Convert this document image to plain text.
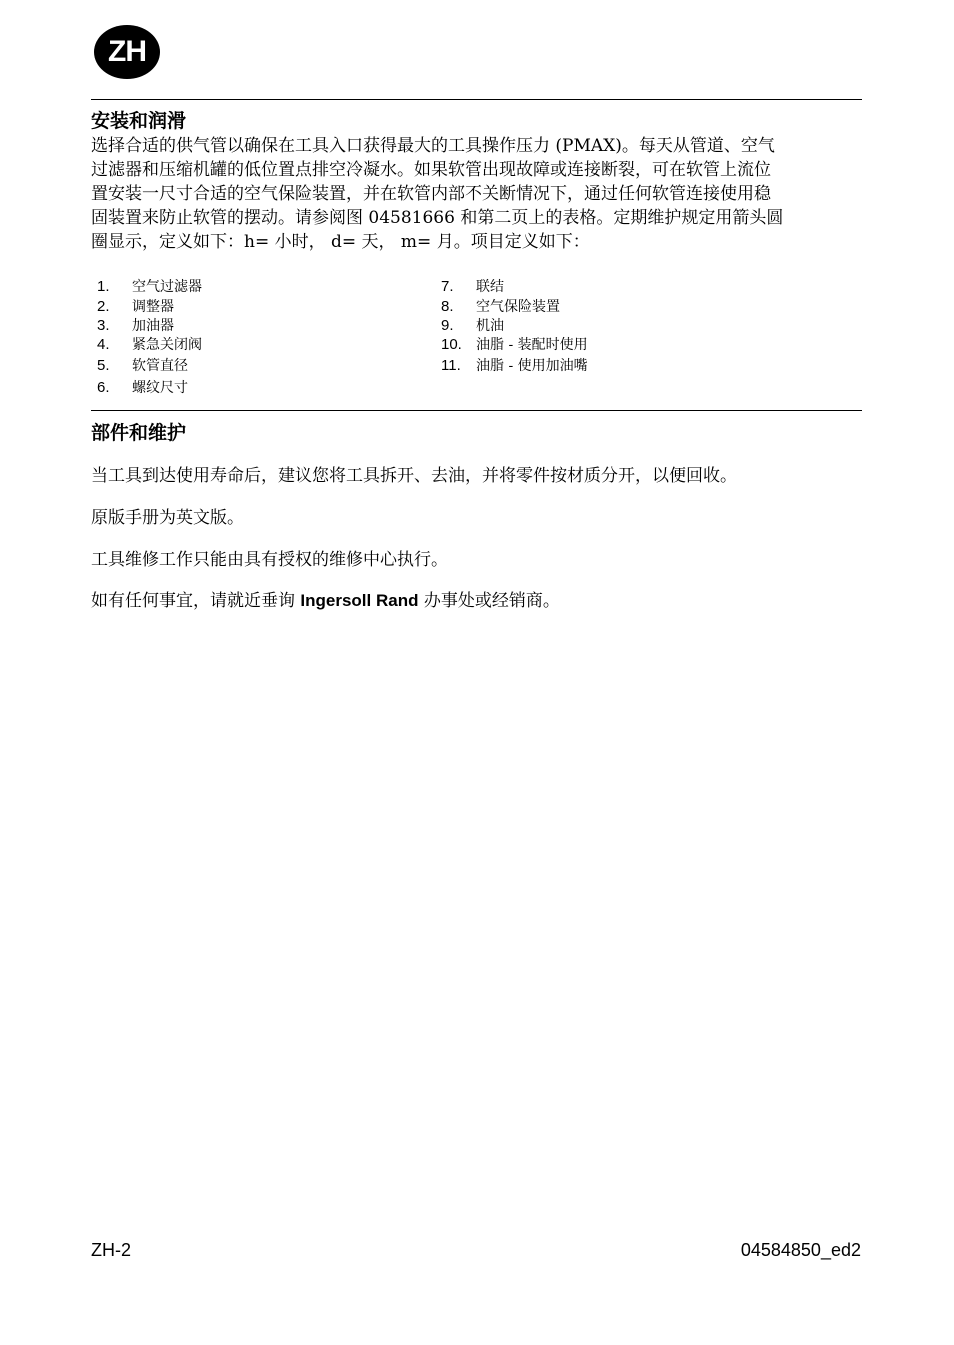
ZH
安装和润滑
选择合适的供气管以确保在工具入口获得最大的工具操作压力 (PMAX)。每天从管道、空气
过滤器和压缩机罐的低位置点排空冷凝水。如果软管出现故障或连接断裂，可在软管上流位
置安装一尺寸合适的空气保险装置，并在软管内部不关断情况下，通过任何软管连接使用稳
固装置来防止软管的摆动。请参阅图 04581666 和第二页上的表格。定期维护规定用箭头圆
圈显示，定义如下：h= 小时， d= 天， m= 月。项目定义如下：
1.	空气过滤器
2.	调整器
3.	加油器
4.	紧急关闭阀
5.	软管直径
6.	螺纹尺寸
7.	联结
8.	空气保险装置
9.	机油
10.	油脂 - 装配时使用
11.	油脂 - 使用加油嘴
部件和维护
当工具到达使用寿命后，建议您将工具拆开、去油，并将零件按材质分开，以便回收。
原版手册为英文版。
工具维修工作只能由具有授权的维修中心执行。
如有任何事宜，请就近垂询 Ingersoll Rand 办事处或经销商。
ZH-2	04584850_ed2
